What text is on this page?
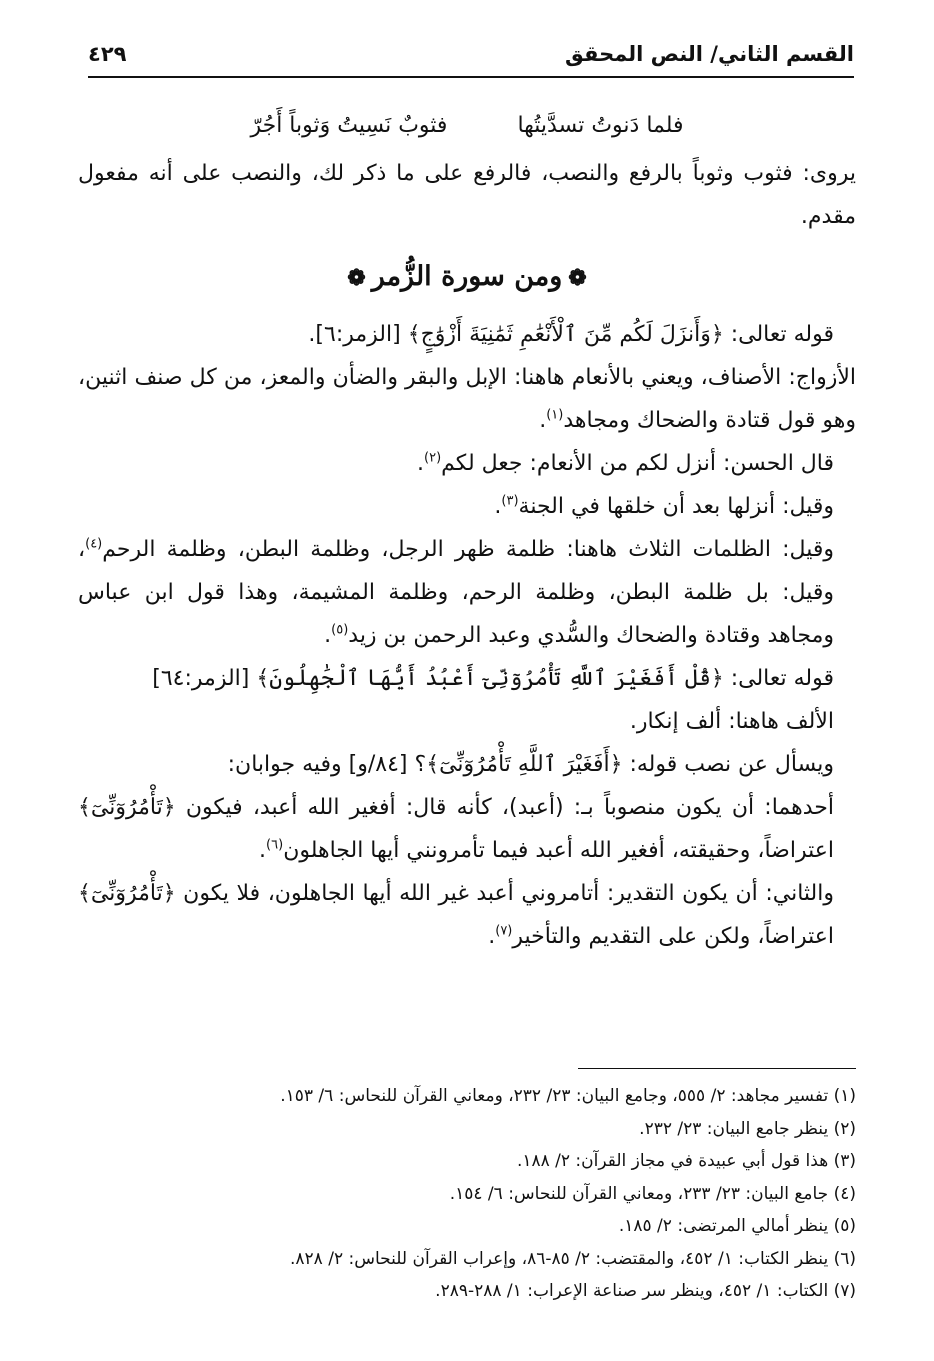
القسم الثاني/ النص المحقق
٤٢٩
فلما دَنوتُ تسدَّيتُها
فثوبٌ نَسِيتُ وَثوباً أَجُرّ

يروى: فثوب وثوباً بالرفع والنصب، فالرفع على ما ذكر لك، والنصب على أنه مفعول مقدم.

❁ومن سورة الزُّمر❁

قوله تعالى: ﴿وَأَنزَلَ لَكُم مِّنَ ٱلْأَنْعَٰمِ ثَمَٰنِيَةَ أَزْوَٰجٍ﴾ [الزمر:٦].

الأزواج: الأصناف، ويعني بالأنعام هاهنا: الإبل والبقر والضأن والمعز، من كل صنف اثنين، وهو قول قتادة والضحاك ومجاهد$^{(١)}$.

قال الحسن: أنزل لكم من الأنعام: جعل لكم$^{(٢)}$.

وقيل: أنزلها بعد أن خلقها في الجنة$^{(٣)}$.

وقيل: الظلمات الثلاث هاهنا: ظلمة ظهر الرجل، وظلمة البطن، وظلمة الرحم$^{(٤)}$، وقيل: بل ظلمة البطن، وظلمة الرحم، وظلمة المشيمة، وهذا قول ابن عباس ومجاهد وقتادة والضحاك والسُّدي وعبد الرحمن بن زيد$^{(٥)}$.

قوله تعالى: ﴿قُلْ أَفَغَيْرَ ٱللَّهِ تَأْمُرُوٓنِّىٓ أَعْبُدُ أَيُّهَا ٱلْجَٰهِلُونَ﴾ [الزمر:٦٤]

الألف هاهنا: ألف إنكار.

ويسأل عن نصب قوله: ﴿أَفَغَيْرَ ٱللَّهِ تَأْمُرُوٓنِّىٓ﴾؟ [٨٤/و] وفيه جوابان:

أحدهما: أن يكون منصوباً بـ: (أعبد)، كأنه قال: أفغير الله أعبد، فيكون ﴿تَأْمُرُوٓنِّىٓ﴾ اعتراضاً، وحقيقته، أفغير الله أعبد فيما تأمرونني أيها الجاهلون$^{(٦)}$.

والثاني: أن يكون التقدير: أتامروني أعبد غير الله أيها الجاهلون، فلا يكون ﴿تَأْمُرُوٓنِّىٓ﴾ اعتراضاً، ولكن على التقديم والتأخير$^{(٧)}$.

(١) تفسير مجاهد: ٢/ ٥٥٥، وجامع البيان: ٢٣/ ٢٣٢، ومعاني القرآن للنحاس: ٦/ ١٥٣.

(٢) ينظر جامع البيان: ٢٣/ ٢٣٢.

(٣) هذا قول أبي عبيدة في مجاز القرآن: ٢/ ١٨٨.

(٤) جامع البيان: ٢٣/ ٢٣٣، ومعاني القرآن للنحاس: ٦/ ١٥٤.

(٥) ينظر أمالي المرتضى: ٢/ ١٨٥.

(٦) ينظر الكتاب: ١/ ٤٥٢، والمقتضب: ٢/ ٨٥-٨٦، وإعراب القرآن للنحاس: ٢/ ٨٢٨.

(٧) الكتاب: ١/ ٤٥٢، وينظر سر صناعة الإعراب: ١/ ٢٨٨-٢٨٩.
